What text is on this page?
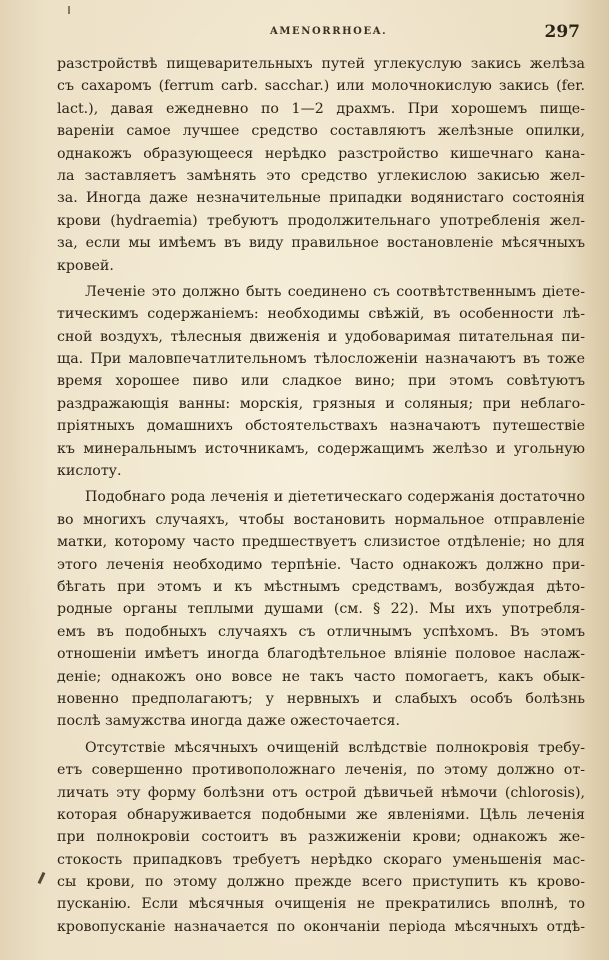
AMENORRHOEA.	297
разстройствѣ пищеварительныхъ путей углекуслую закись желѣза
съ сахаромъ (ferrum carb. sacchar.) или молочнокислую закись (fer.
lact.), давая ежедневно по 1—2 драхмъ. При хорошемъ пище-
вареніи самое лучшее средство составляютъ желѣзные опилки,
однакожъ образующееся нерѣдко разстройство кишечнаго кана-
ла заставляетъ замѣнять это средство углекислою закисью жел-
за. Иногда даже незначительные припадки водянистаго состоянія
крови (hydraemia) требуютъ продолжительнаго употребленія жел-
за, если мы имѣемъ въ виду правильное востановленіе мѣсячныхъ
кровей.
Леченіе это должно быть соединено съ соотвѣтственнымъ діете-
тическимъ содержаніемъ: необходимы свѣжій, въ особенности лѣ-
сной воздухъ, тѣлесныя движенія и удобоваримая питательная пи-
ща. При маловпечатлительномъ тѣлосложеніи назначаютъ въ тоже
время хорошее пиво или сладкое вино; при этомъ совѣтуютъ
раздражающія ванны: морскія, грязныя и соляныя; при неблаго-
пріятныхъ домашнихъ обстоятельствахъ назначаютъ путешествіе
къ минеральнымъ источникамъ, содержащимъ желѣзо и угольную
кислоту.
Подобнаго рода леченія и діететическаго содержанія достаточно
во многихъ случаяхъ, чтобы востановить нормальное отправленіе
матки, которому часто предшествуетъ слизистое отдѣленіе; но для
этого леченія необходимо терпѣніе. Часто однакожъ должно при-
бѣгать при этомъ и къ мѣстнымъ средствамъ, возбуждая дѣто-
родные органы теплыми душами (см. § 22). Мы ихъ употребля-
емъ въ подобныхъ случаяхъ съ отличнымъ успѣхомъ. Въ этомъ
отношеніи имѣетъ иногда благодѣтельное вліяніе половое наслаж-
деніе; однакожъ оно вовсе не такъ часто помогаетъ, какъ обык-
новенно предполагаютъ; у нервныхъ и слабыхъ особъ болѣзнь
послѣ замужства иногда даже ожесточается.
Отсутствіе мѣсячныхъ очищеній вслѣдствіе полнокровія требу-
етъ совершенно противоположнаго леченія, по этому должно от-
личать эту форму болѣзни отъ острой дѣвичьей нѣмочи (chlorosis),
которая обнаруживается подобными же явленіями. Цѣль леченія
при полнокровіи состоитъ въ разжиженіи крови; однакожъ же-
стокость припадковъ требуетъ нерѣдко скораго уменьшенія мас-
сы крови, по этому должно прежде всего приступить къ крово-
пусканію. Если мѣсячныя очищенія не прекратились вполнѣ, то
кровопусканіе назначается по окончаніи періода мѣсячныхъ отдѣ-
